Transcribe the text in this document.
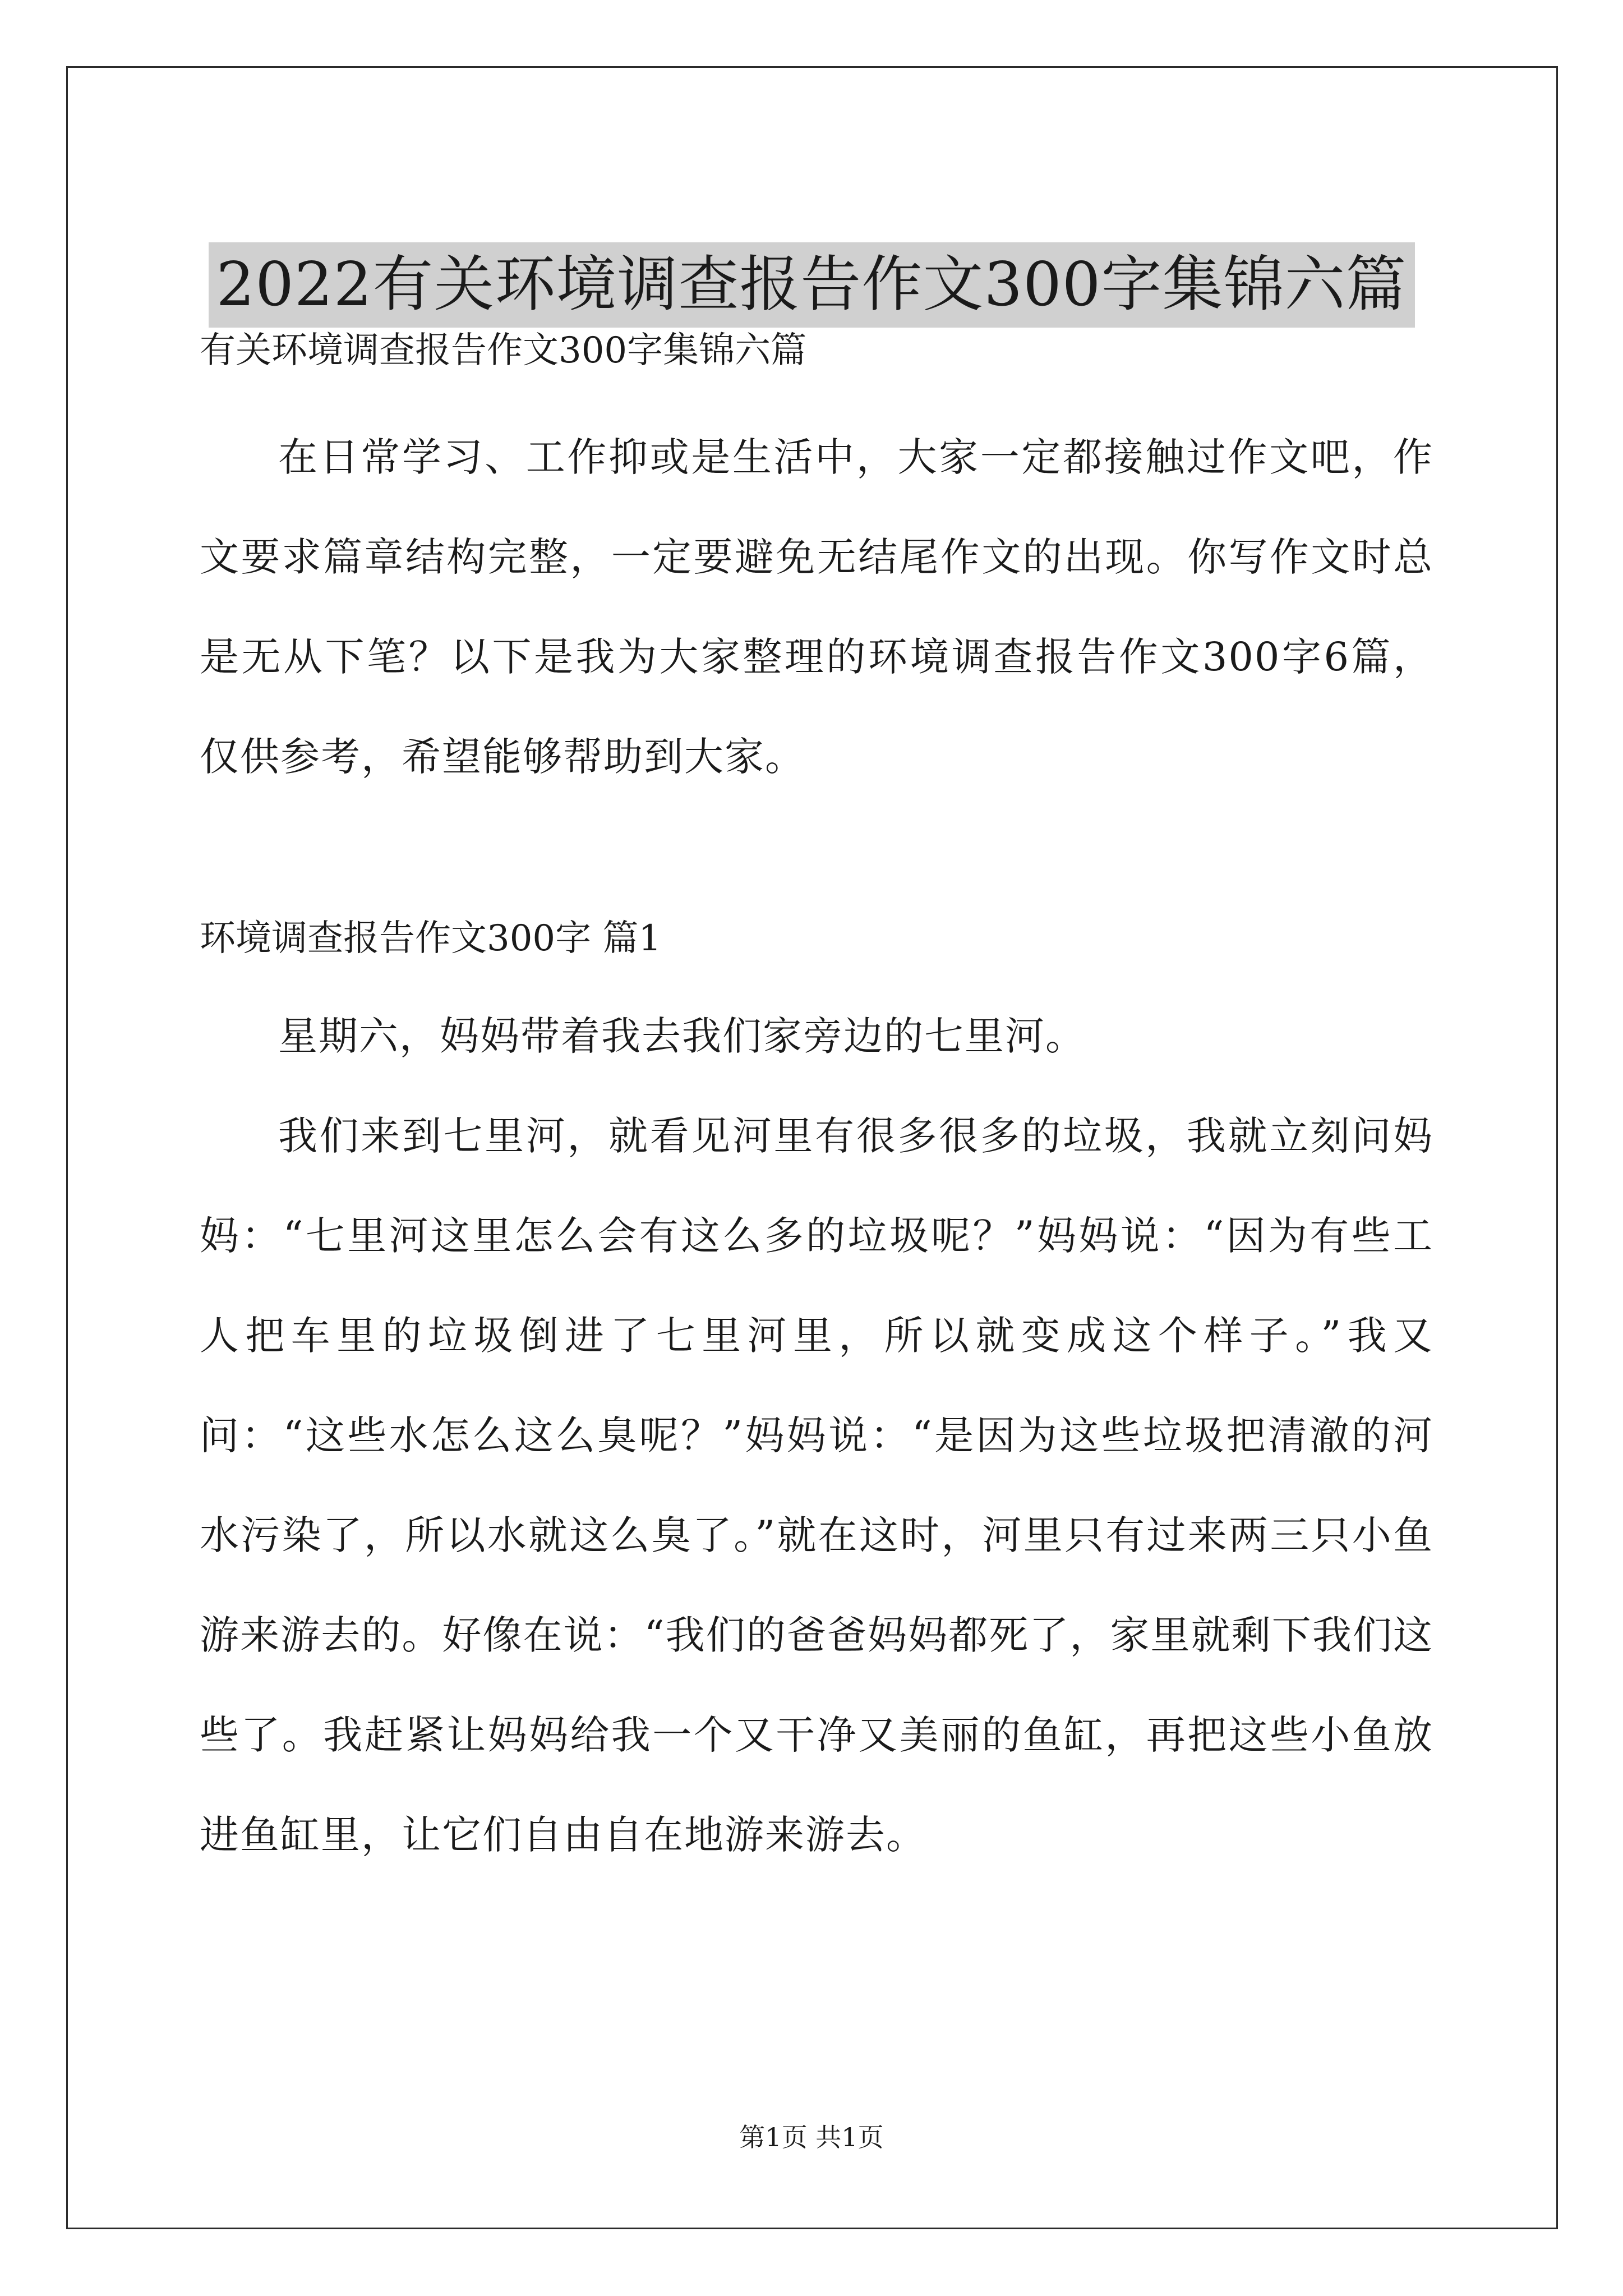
2022有关环境调查报告作文300字集锦六篇

有关环境调查报告作文300字集锦六篇

在日常学习、工作抑或是生活中，大家一定都接触过作文吧，作文要求篇章结构完整，一定要避免无结尾作文的出现。你写作文时总是无从下笔？以下是我为大家整理的环境调查报告作文300字6篇，仅供参考，希望能够帮助到大家。

环境调查报告作文300字 篇1

星期六，妈妈带着我去我们家旁边的七里河。

我们来到七里河，就看见河里有很多很多的垃圾，我就立刻问妈妈：“七里河这里怎么会有这么多的垃圾呢？”妈妈说：“因为有些工人把车里的垃圾倒进了七里河里，所以就变成这个样子。”我又问：“这些水怎么这么臭呢？”妈妈说：“是因为这些垃圾把清澈的河水污染了，所以水就这么臭了。”就在这时，河里只有过来两三只小鱼游来游去的。好像在说：“我们的爸爸妈妈都死了，家里就剩下我们这些了。我赶紧让妈妈给我一个又干净又美丽的鱼缸，再把这些小鱼放进鱼缸里，让它们自由自在地游来游去。

第1页 共1页
